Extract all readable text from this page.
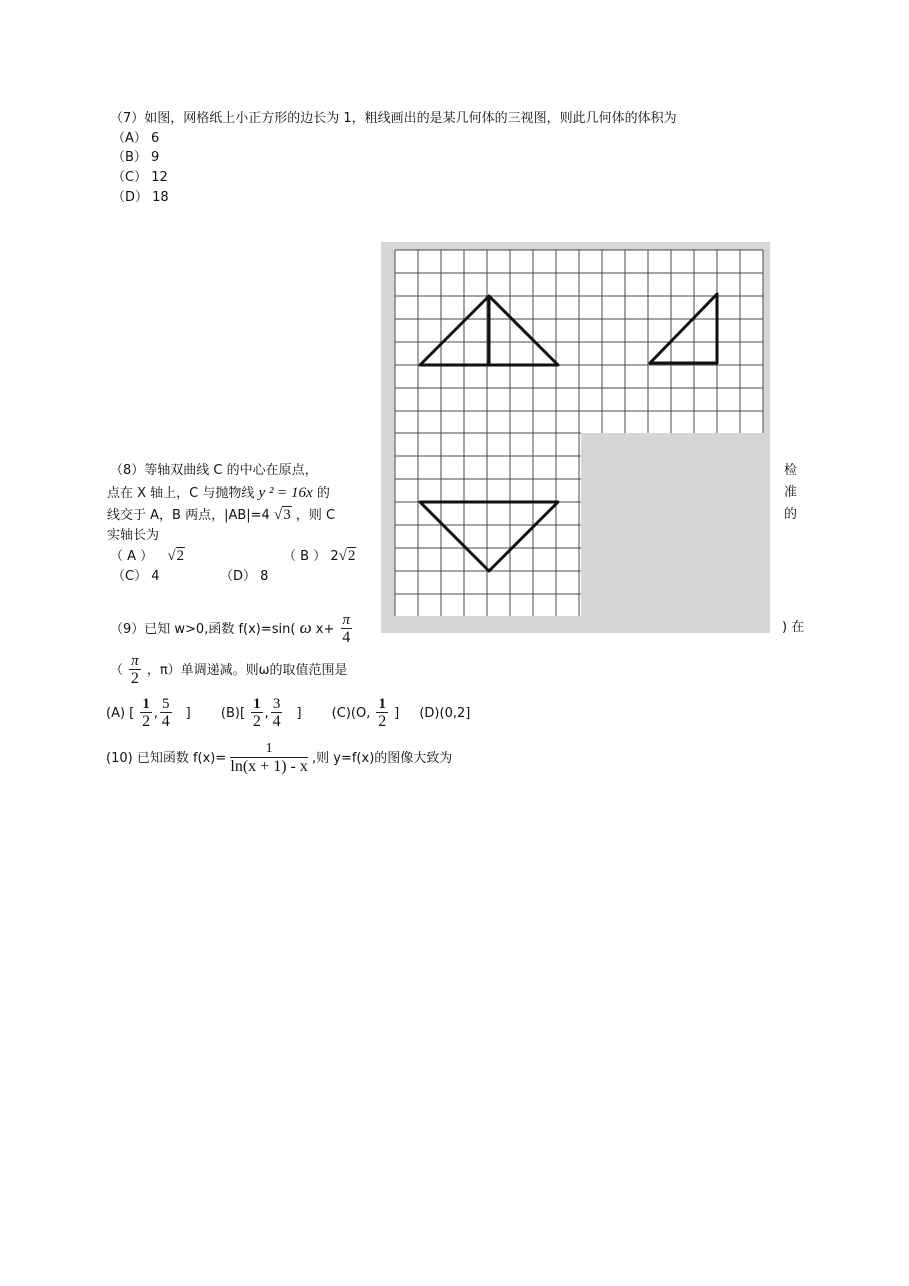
（7）如图，网格纸上小正方形的边长为 1，粗线画出的是某几何体的三视图，则此几何体的体积为
（A） 6
（B） 9
（C） 12
（D） 18
（8）等轴双曲线 C 的中心在原点，	检
点在 X 轴上，C 与抛物线 y ² = 16x 的	准
线交于 A，B 两点，|AB|=4 √3 ，则 C	的
实轴长为
（ A ） √2	（ B ） 2√2
（C） 4	（D） 8
（9）已知 w>0,函数 f(x)=sin( ω $x+ \frac{\pi}{4}$	) 在
（ $\frac{\pi}{2}$ ，π）单调递减。则ω的取值范围是
(A) [ $\frac{1}{2}$ , $\frac{5}{4}$ ] $(B)[ \frac{1}{2}$ , $\frac{3}{4}$ ] (C)(O, $\frac{1}{2}$ ] (D)(0,2]
(10) 已知函数 $f(x)= \frac{1}{\ln(x + 1) - x}$ ,则 y=f(x)的图像大致为
